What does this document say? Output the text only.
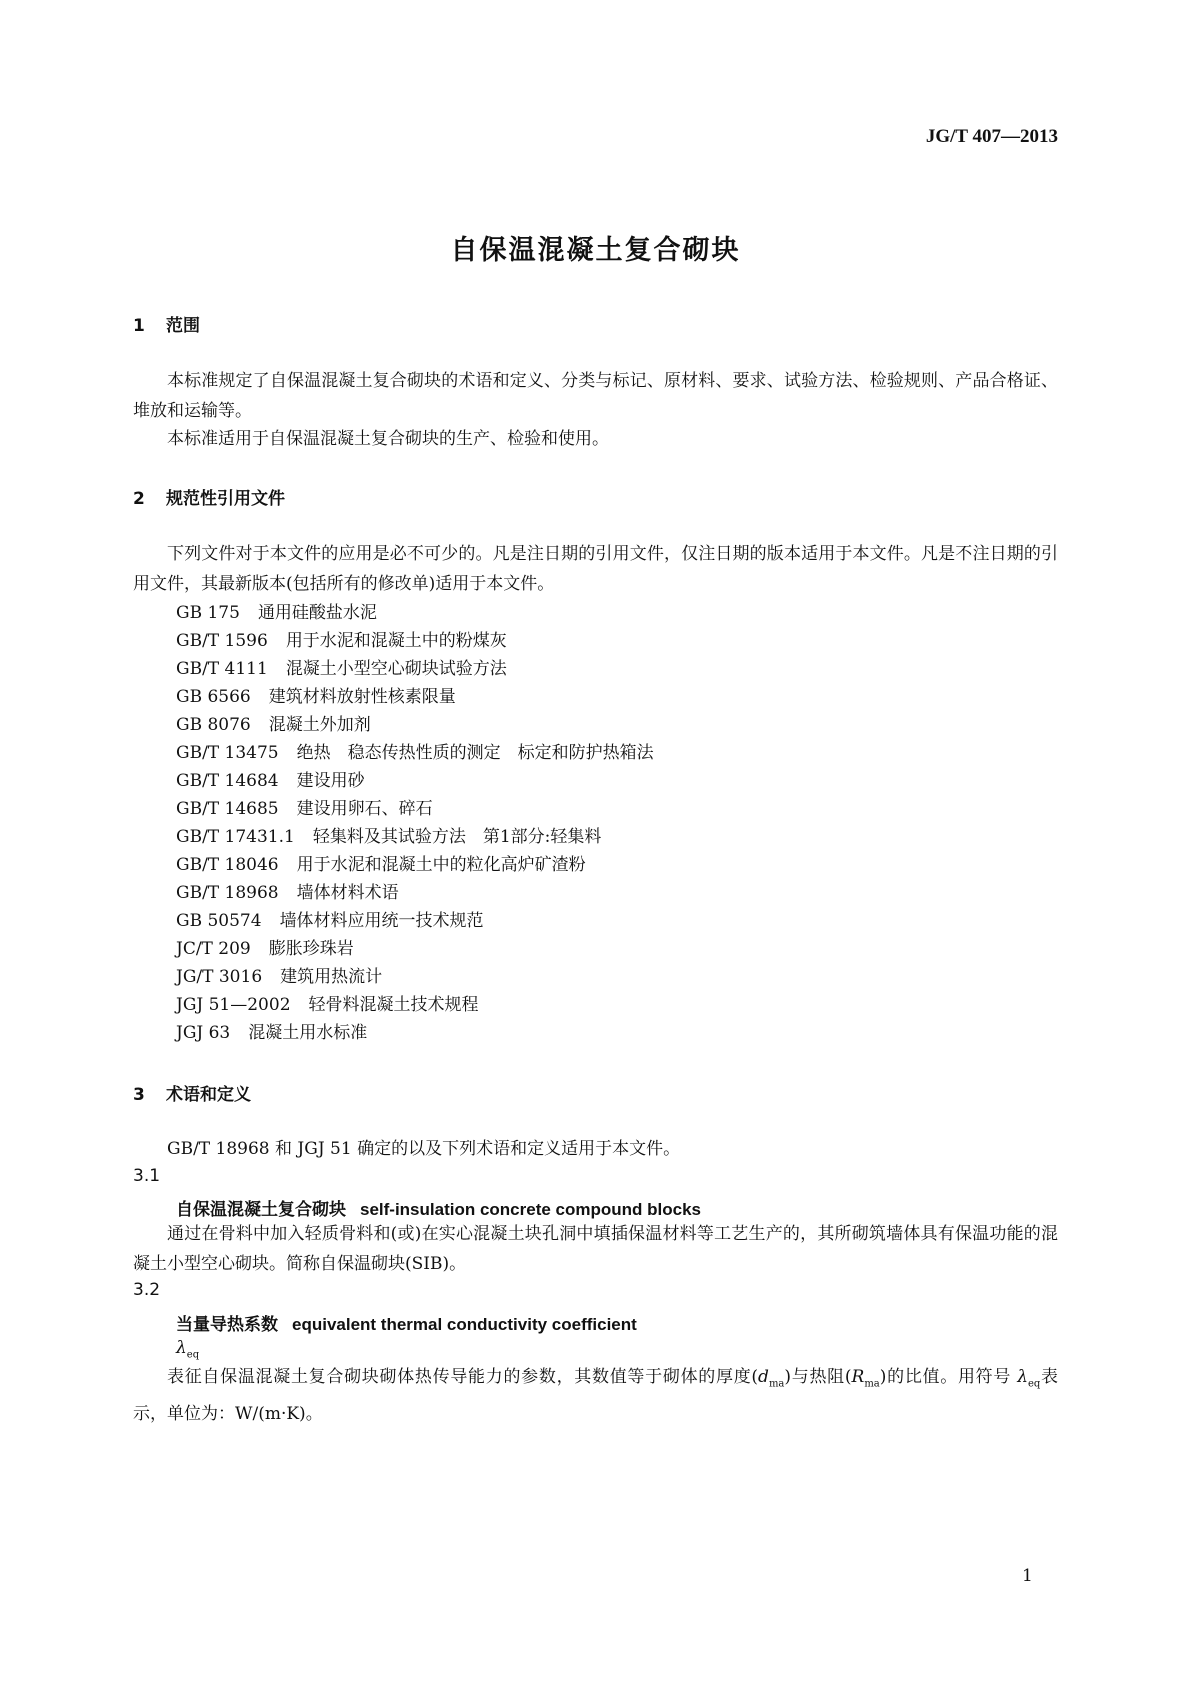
JG/T 407—2013
自保温混凝土复合砌块
1 范围
本标准规定了自保温混凝土复合砌块的术语和定义、分类与标记、原材料、要求、试验方法、检验规则、产品合格证、堆放和运输等。
本标准适用于自保温混凝土复合砌块的生产、检验和使用。
2 规范性引用文件
下列文件对于本文件的应用是必不可少的。凡是注日期的引用文件，仅注日期的版本适用于本文件。凡是不注日期的引用文件，其最新版本(包括所有的修改单)适用于本文件。
GB 175 通用硅酸盐水泥
GB/T 1596 用于水泥和混凝土中的粉煤灰
GB/T 4111 混凝土小型空心砌块试验方法
GB 6566 建筑材料放射性核素限量
GB 8076 混凝土外加剂
GB/T 13475 绝热　稳态传热性质的测定　标定和防护热箱法
GB/T 14684 建设用砂
GB/T 14685 建设用卵石、碎石
GB/T 17431.1 轻集料及其试验方法　第1部分:轻集料
GB/T 18046 用于水泥和混凝土中的粒化高炉矿渣粉
GB/T 18968 墙体材料术语
GB 50574 墙体材料应用统一技术规范
JC/T 209 膨胀珍珠岩
JG/T 3016 建筑用热流计
JGJ 51—2002 轻骨料混凝土技术规程
JGJ 63 混凝土用水标准
3 术语和定义
GB/T 18968 和 JGJ 51 确定的以及下列术语和定义适用于本文件。
3.1
自保温混凝土复合砌块 self-insulation concrete compound blocks
通过在骨料中加入轻质骨料和(或)在实心混凝土块孔洞中填插保温材料等工艺生产的，其所砌筑墙体具有保温功能的混凝土小型空心砌块。简称自保温砌块(SIB)。
3.2
当量导热系数 equivalent thermal conductivity coefficient
$\lambda_{eq}$
表征自保温混凝土复合砌块砌体热传导能力的参数，其数值等于砌体的厚度$(d_{ma})$与热阻$(R_{ma})$的比值。用符号 $\lambda_{eq}$表示，单位为：W/(m·K)。
1
